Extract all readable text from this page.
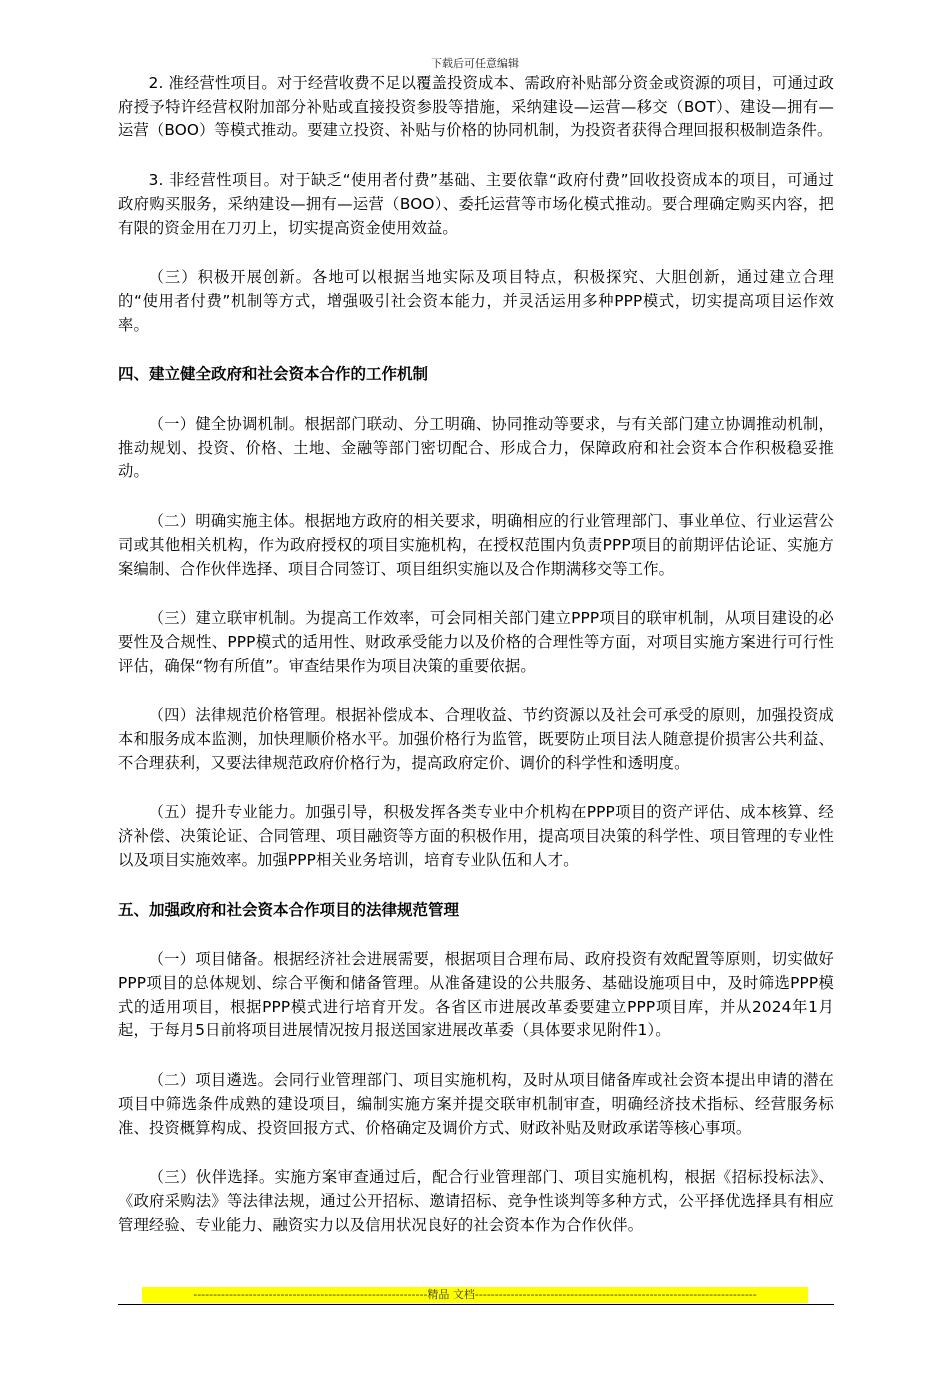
下载后可任意编辑

2. 准经营性项目。对于经营收费不足以覆盖投资成本、需政府补贴部分资金或资源的项目，可通过政府授予特许经营权附加部分补贴或直接投资参股等措施，采纳建设—运营—移交（BOT）、建设—拥有—运营（BOO）等模式推动。要建立投资、补贴与价格的协同机制，为投资者获得合理回报积极制造条件。

3. 非经营性项目。对于缺乏“使用者付费”基础、主要依靠“政府付费”回收投资成本的项目，可通过政府购买服务，采纳建设—拥有—运营（BOO）、委托运营等市场化模式推动。要合理确定购买内容，把有限的资金用在刀刃上，切实提高资金使用效益。

（三）积极开展创新。各地可以根据当地实际及项目特点，积极探究、大胆创新，通过建立合理的“使用者付费”机制等方式，增强吸引社会资本能力，并灵活运用多种PPP模式，切实提高项目运作效率。

四、建立健全政府和社会资本合作的工作机制

（一）健全协调机制。根据部门联动、分工明确、协同推动等要求，与有关部门建立协调推动机制，推动规划、投资、价格、土地、金融等部门密切配合、形成合力，保障政府和社会资本合作积极稳妥推动。

（二）明确实施主体。根据地方政府的相关要求，明确相应的行业管理部门、事业单位、行业运营公司或其他相关机构，作为政府授权的项目实施机构，在授权范围内负责PPP项目的前期评估论证、实施方案编制、合作伙伴选择、项目合同签订、项目组织实施以及合作期满移交等工作。

（三）建立联审机制。为提高工作效率，可会同相关部门建立PPP项目的联审机制，从项目建设的必要性及合规性、PPP模式的适用性、财政承受能力以及价格的合理性等方面，对项目实施方案进行可行性评估，确保“物有所值”。审查结果作为项目决策的重要依据。

（四）法律规范价格管理。根据补偿成本、合理收益、节约资源以及社会可承受的原则，加强投资成本和服务成本监测，加快理顺价格水平。加强价格行为监管，既要防止项目法人随意提价损害公共利益、不合理获利，又要法律规范政府价格行为，提高政府定价、调价的科学性和透明度。

（五）提升专业能力。加强引导，积极发挥各类专业中介机构在PPP项目的资产评估、成本核算、经济补偿、决策论证、合同管理、项目融资等方面的积极作用，提高项目决策的科学性、项目管理的专业性以及项目实施效率。加强PPP相关业务培训，培育专业队伍和人才。

五、加强政府和社会资本合作项目的法律规范管理

（一）项目储备。根据经济社会进展需要，根据项目合理布局、政府投资有效配置等原则，切实做好PPP项目的总体规划、综合平衡和储备管理。从准备建设的公共服务、基础设施项目中，及时筛选PPP模式的适用项目，根据PPP模式进行培育开发。各省区市进展改革委要建立PPP项目库，并从2024年1月起，于每月5日前将项目进展情况按月报送国家进展改革委（具体要求见附件1）。

（二）项目遴选。会同行业管理部门、项目实施机构，及时从项目储备库或社会资本提出申请的潜在项目中筛选条件成熟的建设项目，编制实施方案并提交联审机制审查，明确经济技术指标、经营服务标准、投资概算构成、投资回报方式、价格确定及调价方式、财政补贴及财政承诺等核心事项。

（三）伙伴选择。实施方案审查通过后，配合行业管理部门、项目实施机构，根据《招标投标法》、《政府采购法》等法律法规，通过公开招标、邀请招标、竞争性谈判等多种方式，公平择优选择具有相应管理经验、专业能力、融资实力以及信用状况良好的社会资本作为合作伙伴。

-----------------------------------------------------------精品 文档-----------------------------------------------------------------------
